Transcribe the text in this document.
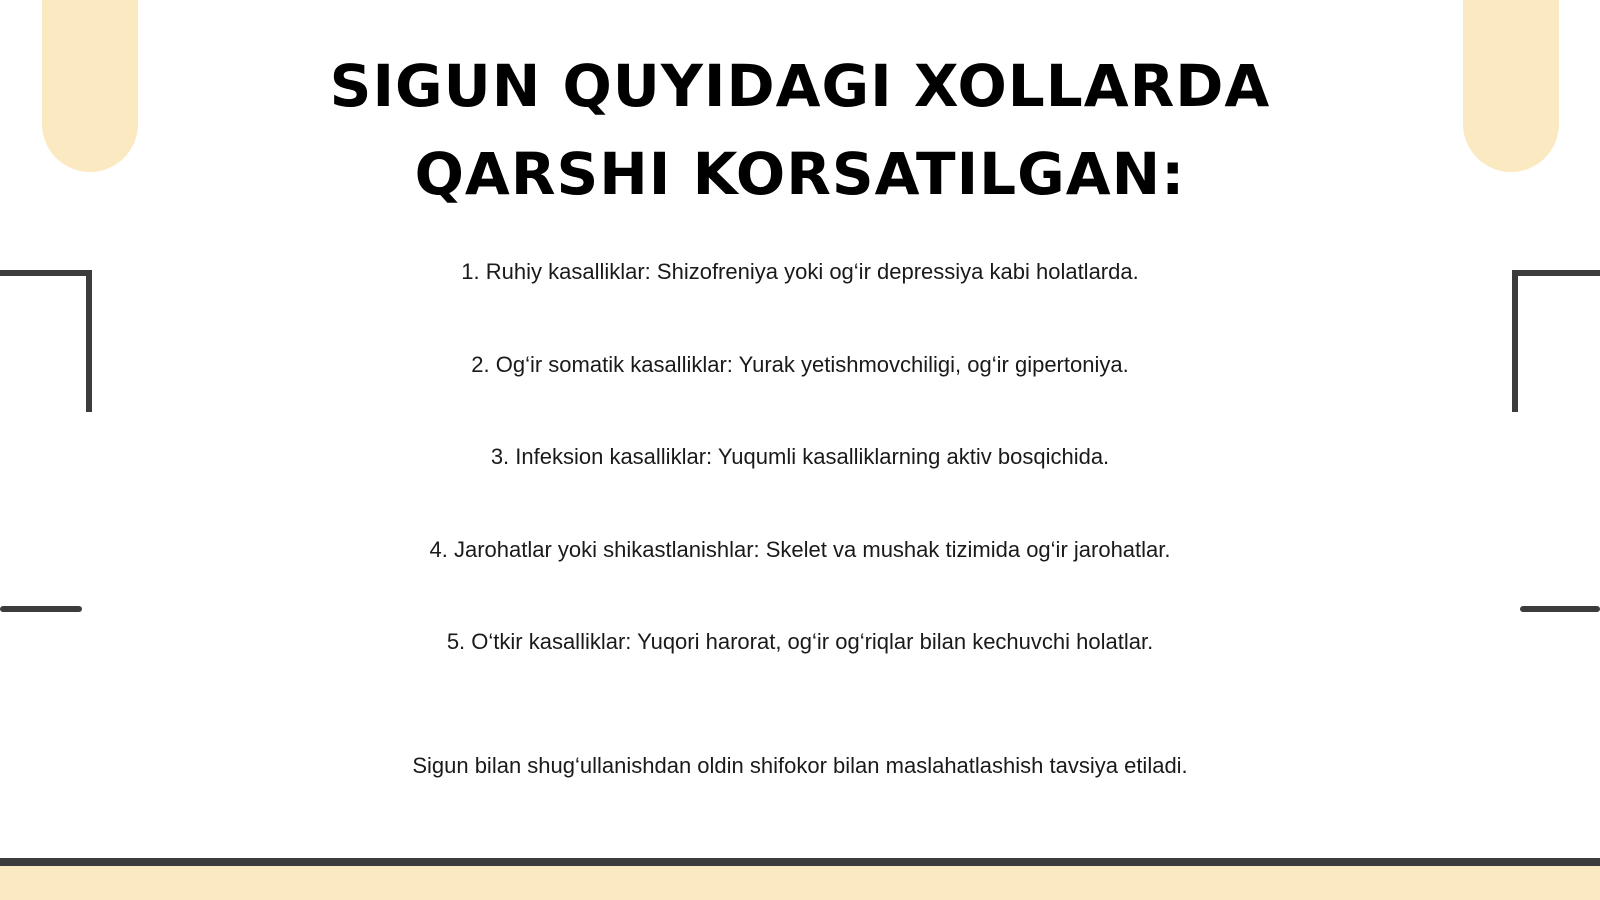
SIGUN QUYIDAGI XOLLARDA
QARSHI KORSATILGAN:
1. Ruhiy kasalliklar: Shizofreniya yoki og‘ir depressiya kabi holatlarda.
2. Og‘ir somatik kasalliklar: Yurak yetishmovchiligi, og‘ir gipertoniya.
3. Infeksion kasalliklar: Yuqumli kasalliklarning aktiv bosqichida.
4. Jarohatlar yoki shikastlanishlar: Skelet va mushak tizimida og‘ir jarohatlar.
5. O‘tkir kasalliklar: Yuqori harorat, og‘ir og‘riqlar bilan kechuvchi holatlar.

Sigun bilan shug‘ullanishdan oldin shifokor bilan maslahatlashish tavsiya etiladi.
